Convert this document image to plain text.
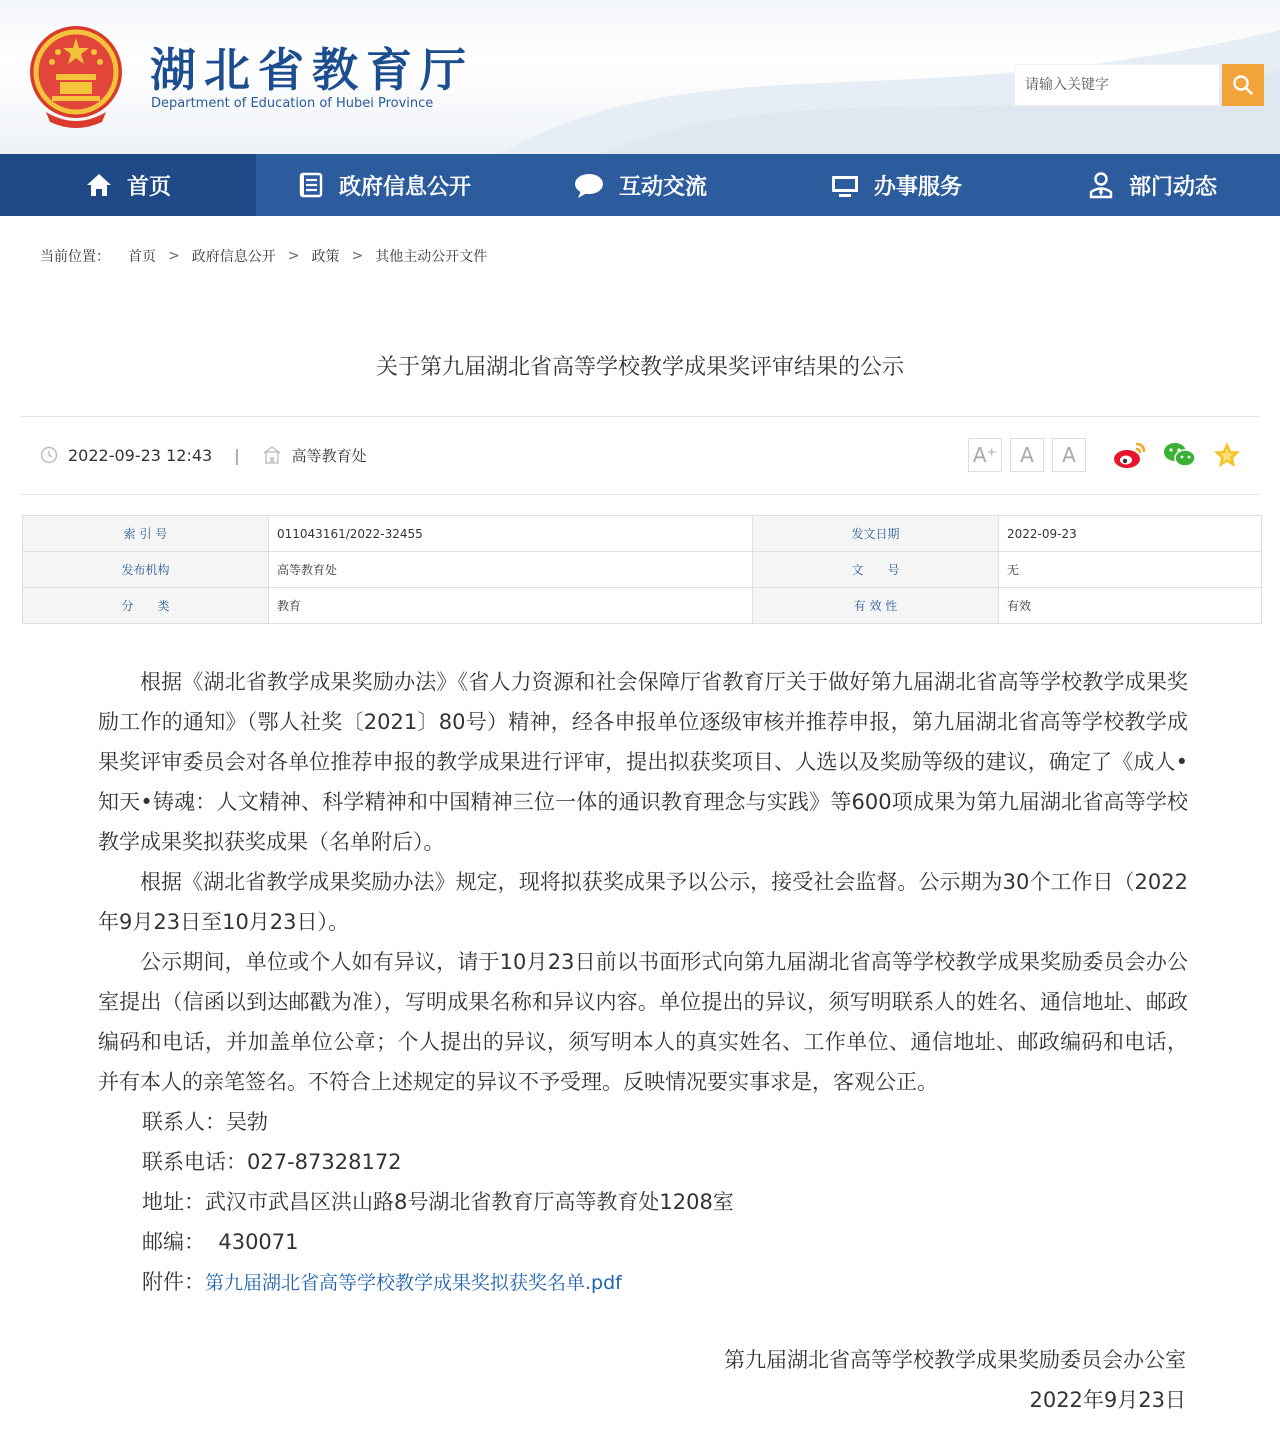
湖北省教育厅
Department of Education of Hubei Province
请输入关键字
首页	政府信息公开	互动交流	办事服务	部门动态
当前位置： 首页 > 政府信息公开 > 政策 > 其他主动公开文件
关于第九届湖北省高等学校教学成果奖评审结果的公示
2022-09-23 12:43 |	高等教育处	A⁺	A	A
索 引 号	011043161/2022-32455	发文日期	2022-09-23
发布机构	高等教育处	文　　号	无
分　　类	教育	有 效 性	有效

根据《湖北省教学成果奖励办法》《省人力资源和社会保障厅省教育厅关于做好第九届湖北省高等学校教学成果奖励工作的通知》（鄂人社奖〔2021〕80号）精神，经各申报单位逐级审核并推荐申报，第九届湖北省高等学校教学成果奖评审委员会对各单位推荐申报的教学成果进行评审，提出拟获奖项目、人选以及奖励等级的建议，确定了《成人•知天•铸魂：人文精神、科学精神和中国精神三位一体的通识教育理念与实践》等600项成果为第九届湖北省高等学校教学成果奖拟获奖成果（名单附后）。

根据《湖北省教学成果奖励办法》规定，现将拟获奖成果予以公示，接受社会监督。公示期为30个工作日（2022年9月23日至10月23日）。

公示期间，单位或个人如有异议，请于10月23日前以书面形式向第九届湖北省高等学校教学成果奖励委员会办公室提出（信函以到达邮戳为准），写明成果名称和异议内容。单位提出的异议，须写明联系人的姓名、通信地址、邮政编码和电话，并加盖单位公章；个人提出的异议，须写明本人的真实姓名、工作单位、通信地址、邮政编码和电话，并有本人的亲笔签名。不符合上述规定的异议不予受理。反映情况要实事求是，客观公正。

联系人：吴勃
联系电话：027-87328172
地址：武汉市武昌区洪山路8号湖北省教育厅高等教育处1208室
邮编：  430071
附件：第九届湖北省高等学校教学成果奖拟获奖名单.pdf
第九届湖北省高等学校教学成果奖励委员会办公室
2022年9月23日
